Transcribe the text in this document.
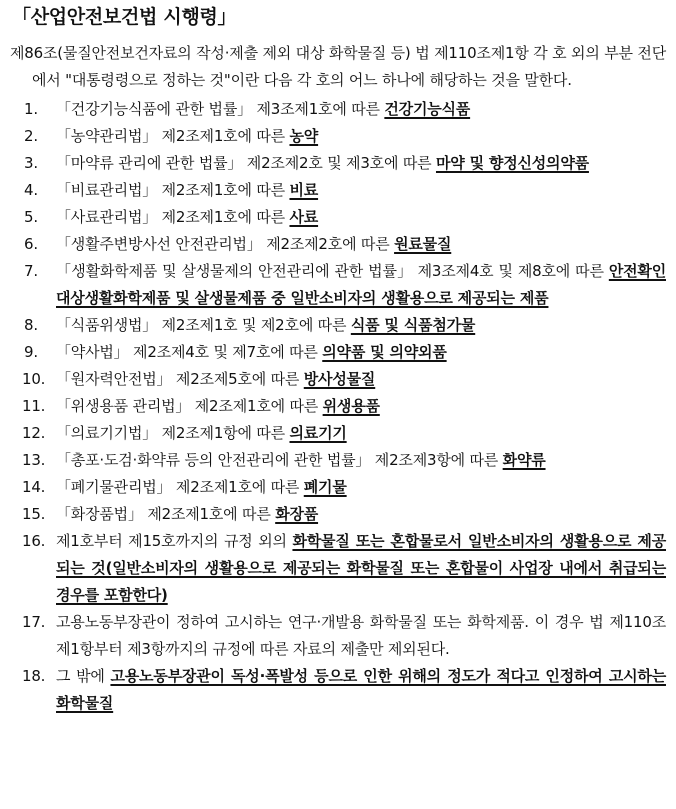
「산업안전보건법 시행령」
제86조(물질안전보건자료의 작성·제출 제외 대상 화학물질 등) 법 제110조제1항 각 호 외의 부분 전단에서 "대통령령으로 정하는 것"이란 다음 각 호의 어느 하나에 해당하는 것을 말한다.
1.	「건강기능식품에 관한 법률」 제3조제1호에 따른 건강기능식품
2.	「농약관리법」 제2조제1호에 따른 농약
3.	「마약류 관리에 관한 법률」 제2조제2호 및 제3호에 따른 마약 및 향정신성의약품
4.	「비료관리법」 제2조제1호에 따른 비료
5.	「사료관리법」 제2조제1호에 따른 사료
6.	「생활주변방사선 안전관리법」 제2조제2호에 따른 원료물질
7.	「생활화학제품 및 살생물제의 안전관리에 관한 법률」 제3조제4호 및 제8호에 따른 안전확인대상생활화학제품 및 살생물제품 중 일반소비자의 생활용으로 제공되는 제품
8.	「식품위생법」 제2조제1호 및 제2호에 따른 식품 및 식품첨가물
9.	「약사법」 제2조제4호 및 제7호에 따른 의약품 및 의약외품
10. 「원자력안전법」 제2조제5호에 따른 방사성물질
11. 「위생용품 관리법」 제2조제1호에 따른 위생용품
12. 「의료기기법」 제2조제1항에 따른 의료기기
13. 「총포·도검·화약류 등의 안전관리에 관한 법률」 제2조제3항에 따른 화약류
14. 「폐기물관리법」 제2조제1호에 따른 폐기물
15. 「화장품법」 제2조제1호에 따른 화장품
16. 제1호부터 제15호까지의 규정 외의 화학물질 또는 혼합물로서 일반소비자의 생활용으로 제공되는 것(일반소비자의 생활용으로 제공되는 화학물질 또는 혼합물이 사업장 내에서 취급되는 경우를 포함한다)
17. 고용노동부장관이 정하여 고시하는 연구·개발용 화학물질 또는 화학제품. 이 경우 법 제110조제1항부터 제3항까지의 규정에 따른 자료의 제출만 제외된다.
18. 그 밖에 고용노동부장관이 독성·폭발성 등으로 인한 위해의 정도가 적다고 인정하여 고시하는 화학물질
